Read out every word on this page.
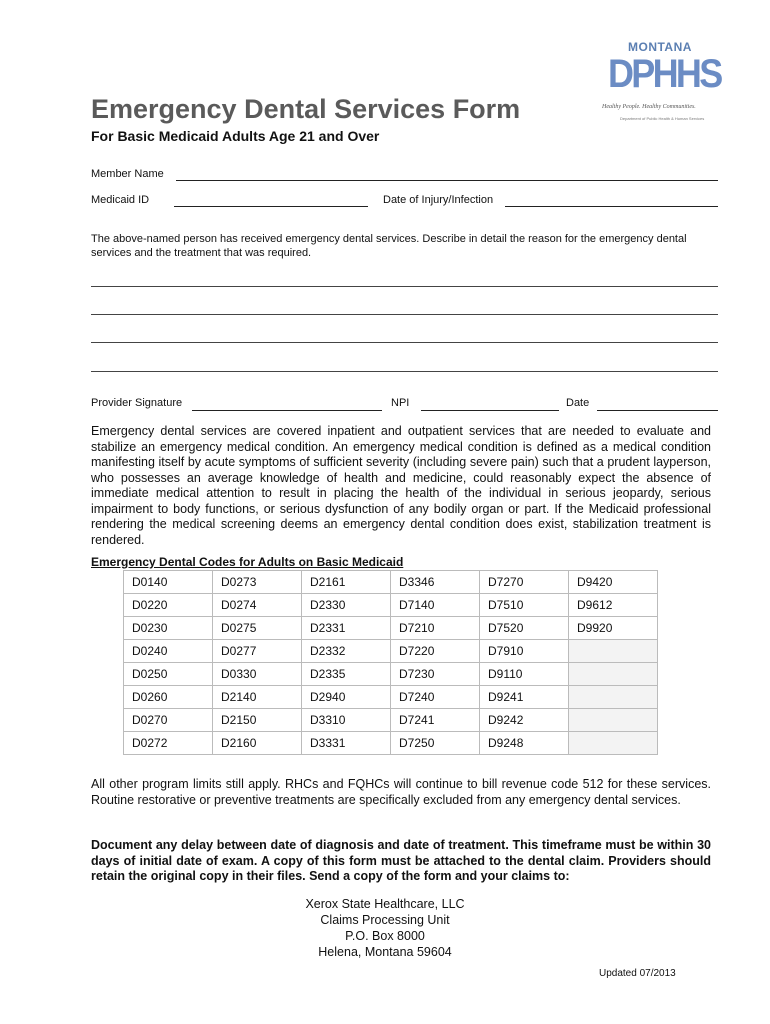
MONTANA
DPHHS
Healthy People. Healthy Communities.
Department of Public Health & Human Services
Emergency Dental Services Form
For Basic Medicaid Adults Age 21 and Over
Member Name
Medicaid ID	Date of Injury/Infection
The above-named person has received emergency dental services. Describe in detail the reason for the emergency dental services and the treatment that was required.
Provider Signature	NPI	Date
Emergency dental services are covered inpatient and outpatient services that are needed to evaluate and stabilize an emergency medical condition. An emergency medical condition is defined as a medical condition manifesting itself by acute symptoms of sufficient severity (including severe pain) such that a prudent layperson, who possesses an average knowledge of health and medicine, could reasonably expect the absence of immediate medical attention to result in placing the health of the individual in serious jeopardy, serious impairment to body functions, or serious dysfunction of any bodily organ or part. If the Medicaid professional rendering the medical screening deems an emergency dental condition does exist, stabilization treatment is rendered.
Emergency Dental Codes for Adults on Basic Medicaid
D0140	D0273	D2161	D3346	D7270	D9420
D0220	D0274	D2330	D7140	D7510	D9612
D0230	D0275	D2331	D7210	D7520	D9920
D0240	D0277	D2332	D7220	D7910	
D0250	D0330	D2335	D7230	D9110	
D0260	D2140	D2940	D7240	D9241	
D0270	D2150	D3310	D7241	D9242	
D0272	D2160	D3331	D7250	D9248	
All other program limits still apply. RHCs and FQHCs will continue to bill revenue code 512 for these services. Routine restorative or preventive treatments are specifically excluded from any emergency dental services.
Document any delay between date of diagnosis and date of treatment. This timeframe must be within 30 days of initial date of exam. A copy of this form must be attached to the dental claim. Providers should retain the original copy in their files. Send a copy of the form and your claims to:
Xerox State Healthcare, LLC
Claims Processing Unit
P.O. Box 8000
Helena, Montana 59604
Updated 07/2013
